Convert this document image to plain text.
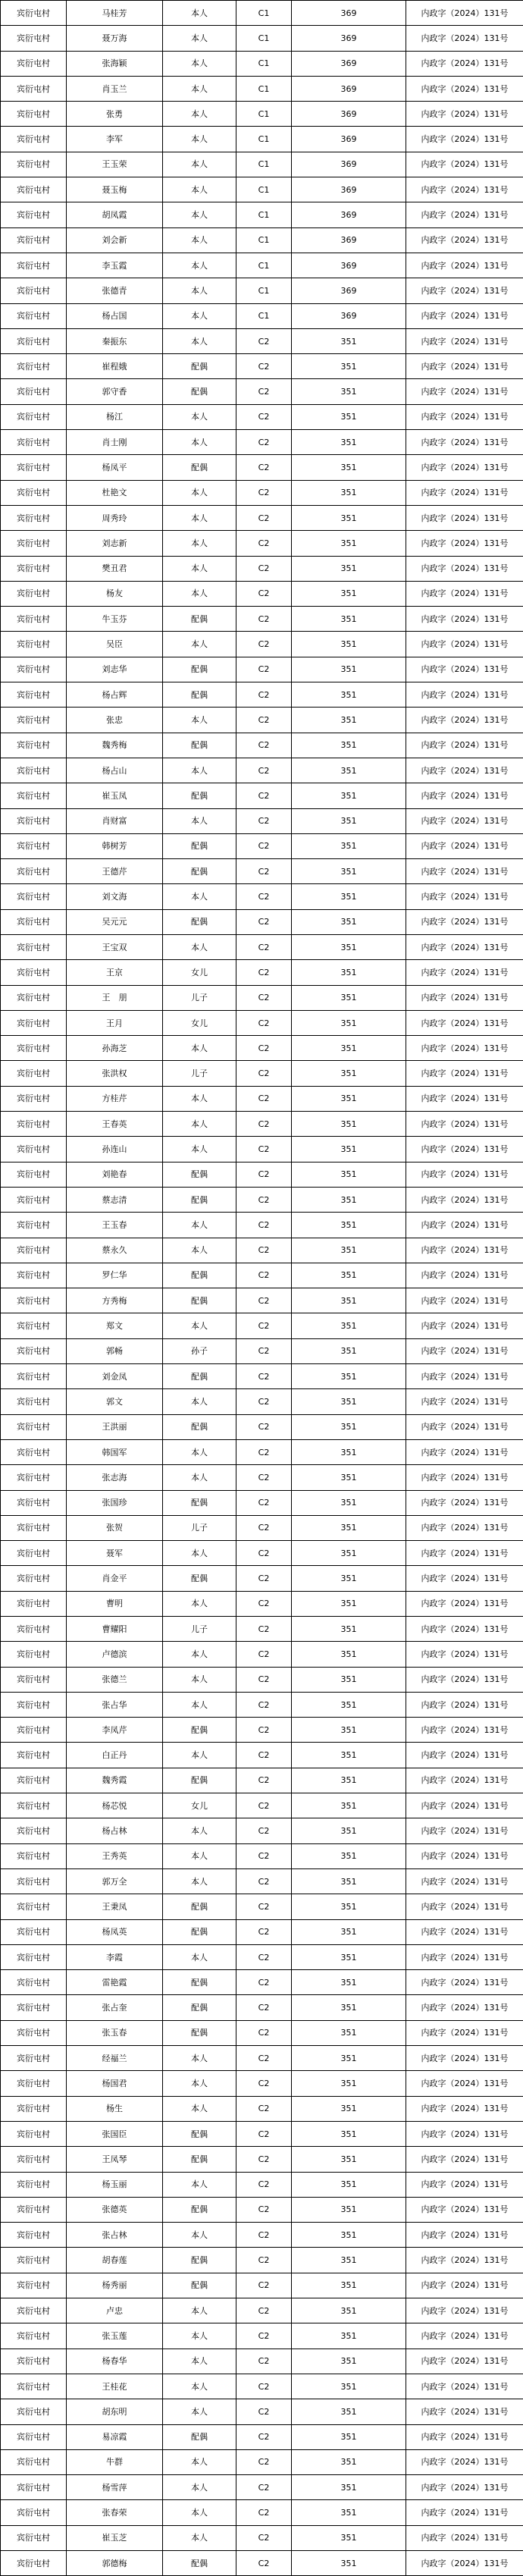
宾衍屯村	马桂芳	本人	C1	369	内政字（2024）131号
宾衍屯村	聂万海	本人	C1	369	内政字（2024）131号
宾衍屯村	张海颖	本人	C1	369	内政字（2024）131号
宾衍屯村	肖玉兰	本人	C1	369	内政字（2024）131号
宾衍屯村	张勇	本人	C1	369	内政字（2024）131号
宾衍屯村	李军	本人	C1	369	内政字（2024）131号
宾衍屯村	王玉荣	本人	C1	369	内政字（2024）131号
宾衍屯村	聂玉梅	本人	C1	369	内政字（2024）131号
宾衍屯村	胡凤霞	本人	C1	369	内政字（2024）131号
宾衍屯村	刘会新	本人	C1	369	内政字（2024）131号
宾衍屯村	李玉霞	本人	C1	369	内政字（2024）131号
宾衍屯村	张德青	本人	C1	369	内政字（2024）131号
宾衍屯村	杨占国	本人	C1	369	内政字（2024）131号
宾衍屯村	秦振东	本人	C2	351	内政字（2024）131号
宾衍屯村	崔程娥	配偶	C2	351	内政字（2024）131号
宾衍屯村	郭守香	配偶	C2	351	内政字（2024）131号
宾衍屯村	杨江	本人	C2	351	内政字（2024）131号
宾衍屯村	肖士刚	本人	C2	351	内政字（2024）131号
宾衍屯村	杨凤平	配偶	C2	351	内政字（2024）131号
宾衍屯村	杜艳文	本人	C2	351	内政字（2024）131号
宾衍屯村	周秀玲	本人	C2	351	内政字（2024）131号
宾衍屯村	刘志新	本人	C2	351	内政字（2024）131号
宾衍屯村	樊丑君	本人	C2	351	内政字（2024）131号
宾衍屯村	杨友	本人	C2	351	内政字（2024）131号
宾衍屯村	牛玉芬	配偶	C2	351	内政字（2024）131号
宾衍屯村	吴臣	本人	C2	351	内政字（2024）131号
宾衍屯村	刘志华	配偶	C2	351	内政字（2024）131号
宾衍屯村	杨占辉	配偶	C2	351	内政字（2024）131号
宾衍屯村	张忠	本人	C2	351	内政字（2024）131号
宾衍屯村	魏秀梅	配偶	C2	351	内政字（2024）131号
宾衍屯村	杨占山	本人	C2	351	内政字（2024）131号
宾衍屯村	崔玉凤	配偶	C2	351	内政字（2024）131号
宾衍屯村	肖财富	本人	C2	351	内政字（2024）131号
宾衍屯村	韩树芳	配偶	C2	351	内政字（2024）131号
宾衍屯村	王德芹	配偶	C2	351	内政字（2024）131号
宾衍屯村	刘文海	本人	C2	351	内政字（2024）131号
宾衍屯村	吴元元	配偶	C2	351	内政字（2024）131号
宾衍屯村	王宝双	本人	C2	351	内政字（2024）131号
宾衍屯村	王京	女儿	C2	351	内政字（2024）131号
宾衍屯村	王　朋	儿子	C2	351	内政字（2024）131号
宾衍屯村	王月	女儿	C2	351	内政字（2024）131号
宾衍屯村	孙海芝	本人	C2	351	内政字（2024）131号
宾衍屯村	张洪权	儿子	C2	351	内政字（2024）131号
宾衍屯村	方桂芹	本人	C2	351	内政字（2024）131号
宾衍屯村	王春英	本人	C2	351	内政字（2024）131号
宾衍屯村	孙连山	本人	C2	351	内政字（2024）131号
宾衍屯村	刘艳春	配偶	C2	351	内政字（2024）131号
宾衍屯村	蔡志清	配偶	C2	351	内政字（2024）131号
宾衍屯村	王玉春	本人	C2	351	内政字（2024）131号
宾衍屯村	蔡永久	本人	C2	351	内政字（2024）131号
宾衍屯村	罗仁华	配偶	C2	351	内政字（2024）131号
宾衍屯村	方秀梅	配偶	C2	351	内政字（2024）131号
宾衍屯村	郑文	本人	C2	351	内政字（2024）131号
宾衍屯村	郭畅	孙子	C2	351	内政字（2024）131号
宾衍屯村	刘金凤	配偶	C2	351	内政字（2024）131号
宾衍屯村	郭文	本人	C2	351	内政字（2024）131号
宾衍屯村	王洪丽	配偶	C2	351	内政字（2024）131号
宾衍屯村	韩国军	本人	C2	351	内政字（2024）131号
宾衍屯村	张志海	本人	C2	351	内政字（2024）131号
宾衍屯村	张国珍	配偶	C2	351	内政字（2024）131号
宾衍屯村	张贺	儿子	C2	351	内政字（2024）131号
宾衍屯村	聂军	本人	C2	351	内政字（2024）131号
宾衍屯村	肖金平	配偶	C2	351	内政字（2024）131号
宾衍屯村	曹明	本人	C2	351	内政字（2024）131号
宾衍屯村	曹耀阳	儿子	C2	351	内政字（2024）131号
宾衍屯村	卢德滨	本人	C2	351	内政字（2024）131号
宾衍屯村	张德兰	本人	C2	351	内政字（2024）131号
宾衍屯村	张占华	本人	C2	351	内政字（2024）131号
宾衍屯村	李凤芹	配偶	C2	351	内政字（2024）131号
宾衍屯村	白正丹	本人	C2	351	内政字（2024）131号
宾衍屯村	魏秀霞	配偶	C2	351	内政字（2024）131号
宾衍屯村	杨芯悦	女儿	C2	351	内政字（2024）131号
宾衍屯村	杨占林	本人	C2	351	内政字（2024）131号
宾衍屯村	王秀英	本人	C2	351	内政字（2024）131号
宾衍屯村	郭万全	本人	C2	351	内政字（2024）131号
宾衍屯村	王秉凤	配偶	C2	351	内政字（2024）131号
宾衍屯村	杨凤英	配偶	C2	351	内政字（2024）131号
宾衍屯村	李霞	本人	C2	351	内政字（2024）131号
宾衍屯村	雷艳霞	配偶	C2	351	内政字（2024）131号
宾衍屯村	张占奎	配偶	C2	351	内政字（2024）131号
宾衍屯村	张玉春	配偶	C2	351	内政字（2024）131号
宾衍屯村	经福兰	本人	C2	351	内政字（2024）131号
宾衍屯村	杨国君	本人	C2	351	内政字（2024）131号
宾衍屯村	杨生	本人	C2	351	内政字（2024）131号
宾衍屯村	张国臣	配偶	C2	351	内政字（2024）131号
宾衍屯村	王凤琴	配偶	C2	351	内政字（2024）131号
宾衍屯村	杨玉丽	本人	C2	351	内政字（2024）131号
宾衍屯村	张德英	配偶	C2	351	内政字（2024）131号
宾衍屯村	张占林	本人	C2	351	内政字（2024）131号
宾衍屯村	胡春莲	配偶	C2	351	内政字（2024）131号
宾衍屯村	杨秀丽	配偶	C2	351	内政字（2024）131号
宾衍屯村	卢忠	本人	C2	351	内政字（2024）131号
宾衍屯村	张玉莲	本人	C2	351	内政字（2024）131号
宾衍屯村	杨春华	本人	C2	351	内政字（2024）131号
宾衍屯村	王桂花	本人	C2	351	内政字（2024）131号
宾衍屯村	胡东明	本人	C2	351	内政字（2024）131号
宾衍屯村	易凉霞	配偶	C2	351	内政字（2024）131号
宾衍屯村	牛群	本人	C2	351	内政字（2024）131号
宾衍屯村	杨雪萍	本人	C2	351	内政字（2024）131号
宾衍屯村	张春荣	本人	C2	351	内政字（2024）131号
宾衍屯村	崔玉芝	本人	C2	351	内政字（2024）131号
宾衍屯村	郭德梅	配偶	C2	351	内政字（2024）131号
